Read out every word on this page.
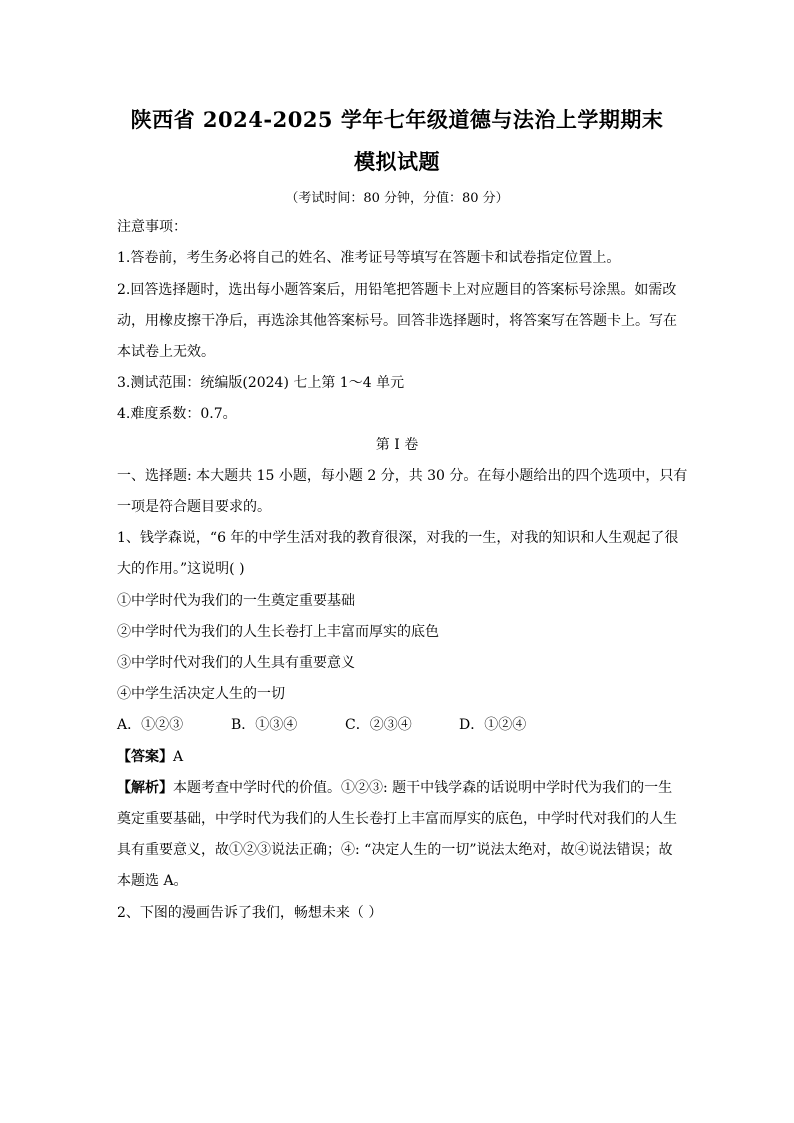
陕西省 2024-2025 学年七年级道德与法治上学期期末
模拟试题
（考试时间：80 分钟，分值：80 分）
注意事项：
1.答卷前，考生务必将自己的姓名、准考证号等填写在答题卡和试卷指定位置上。
2.回答选择题时，选出每小题答案后，用铅笔把答题卡上对应题目的答案标号涂黑。如需改
动，用橡皮擦干净后，再选涂其他答案标号。回答非选择题时，将答案写在答题卡上。写在
本试卷上无效。
3.测试范围：统编版(2024) 七上第 1～4 单元
4.难度系数：0.7。
第 I 卷
一、选择题: 本大题共 15 小题，每小题 2 分，共 30 分。在每小题给出的四个选项中，只有
一项是符合题目要求的。
1、钱学森说，“6 年的中学生活对我的教育很深，对我的一生，对我的知识和人生观起了很
大的作用。”这说明( )
①中学时代为我们的一生奠定重要基础
②中学时代为我们的人生长卷打上丰富而厚实的底色
③中学时代对我们的人生具有重要意义
④中学生活决定人生的一切
A．①②③	B．①③④	C．②③④	D．①②④
【答案】A
【解析】本题考查中学时代的价值。①②③: 题干中钱学森的话说明中学时代为我们的一生
奠定重要基础，中学时代为我们的人生长卷打上丰富而厚实的底色，中学时代对我们的人生
具有重要意义，故①②③说法正确；④: “决定人生的一切”说法太绝对，故④说法错误；故
本题选 A。
2、下图的漫画告诉了我们，畅想未来（ ）
